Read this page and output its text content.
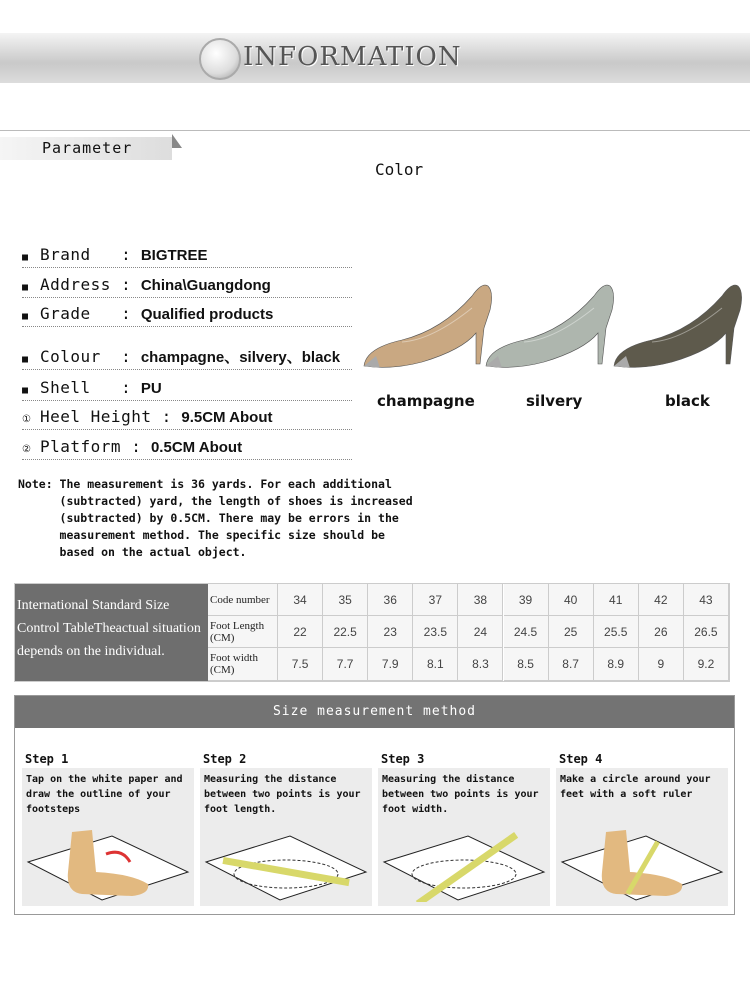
INFORMATION
Parameter
Color
■ Brand   : BIGTREE
■ Address : China\Guangdong
■ Grade   : Qualified products
■ Colour  : champagne、silvery、black
■ Shell   : PU
① Heel Height : 9.5CM About
② Platform : 0.5CM About
champagne	silvery	black
Note: The measurement is 36 yards. For each additional
(subtracted) yard, the length of shoes is increased
(subtracted) by 0.5CM. There may be errors in the
measurement method. The specific size should be
based on the actual object.
International Standard Size Control TableTheactual situation depends on the individual.
Code number	34	35	36	37	38	39	40	41	42	43
Foot Length (CM)	22	22.5	23	23.5	24	24.5	25	25.5	26	26.5
Foot width (CM)	7.5	7.7	7.9	8.1	8.3	8.5	8.7	8.9	9	9.2
Size measurement method
Step 1
Tap on the white paper and draw the outline of your footsteps
Step 2
Measuring the distance between two points is your foot length.
Step 3
Measuring the distance between two points is your foot width.
Step 4
Make a circle around your feet with a soft ruler
